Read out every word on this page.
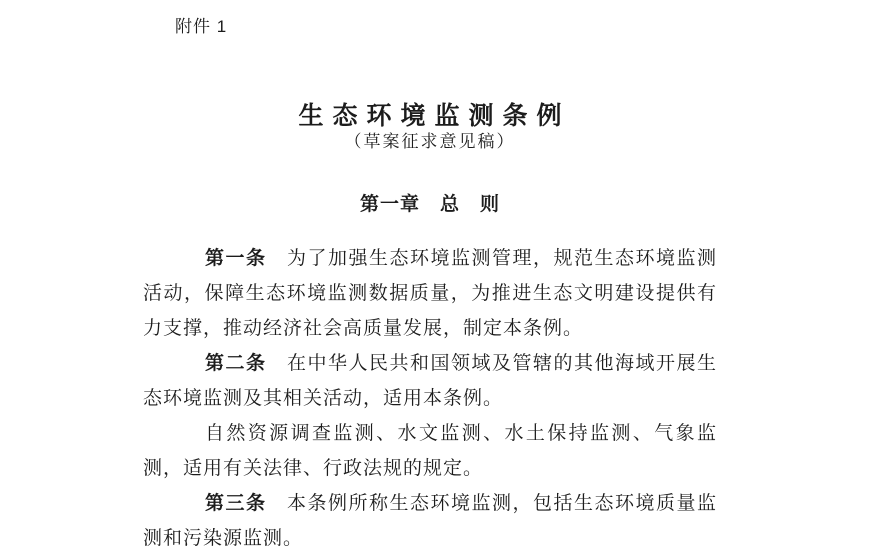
附件 1
生态环境监测条例
（草案征求意见稿）
第一章　总　则

第一条 为了加强生态环境监测管理，规范生态环境监测活动，保障生态环境监测数据质量，为推进生态文明建设提供有力支撑，推动经济社会高质量发展，制定本条例。

第二条 在中华人民共和国领域及管辖的其他海域开展生态环境监测及其相关活动，适用本条例。

自然资源调查监测、水文监测、水土保持监测、气象监测，适用有关法律、行政法规的规定。

第三条 本条例所称生态环境监测，包括生态环境质量监测和污染源监测。
